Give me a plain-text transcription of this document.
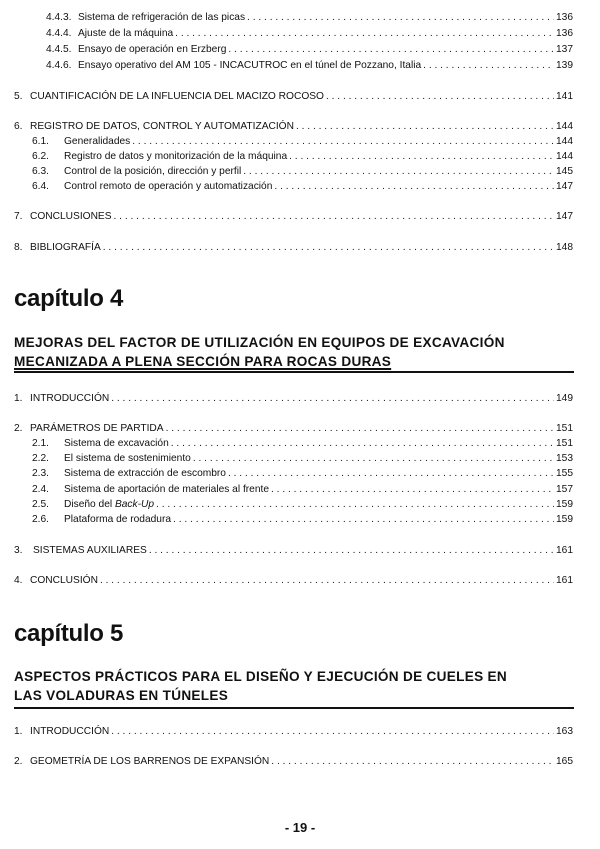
4.4.3. Sistema de refrigeración de las picas . . .	136
4.4.4. Ajuste de la máquina . . .	136
4.4.5. Ensayo de operación en Erzberg . . .	137
4.4.6. Ensayo operativo del AM 105 - INCACUTROC en el túnel de Pozzano, Italia . . .	139
5. CUANTIFICACIÓN DE LA INFLUENCIA DEL MACIZO ROCOSO . . .	141
6. REGISTRO DE DATOS, CONTROL Y AUTOMATIZACIÓN . . .	144
6.1.	Generalidades . . .	144
6.2.	Registro de datos y monitorización de la máquina . . .	144
6.3.	Control de la posición, dirección y perfil . . .	145
6.4.	Control remoto de operación y automatización . . .	147
7. CONCLUSIONES . . .	147
8. BIBLIOGRAFÍA . . .	148
capítulo 4
MEJORAS DEL FACTOR DE UTILIZACIÓN EN EQUIPOS DE EXCAVACIÓN
MECANIZADA A PLENA SECCIÓN PARA ROCAS DURAS
1. INTRODUCCIÓN . . .	149
2. PARÁMETROS DE PARTIDA . . .	151
2.1.	Sistema de excavación . . .	151
2.2.	El sistema de sostenimiento . . .	153
2.3.	Sistema de extracción de escombro . . .	155
2.4.	Sistema de aportación de materiales al frente . . .	157
2.5.	Diseño del Back-Up . . .	159
2.6.	Plataforma de rodadura . . .	159
3.	SISTEMAS AUXILIARES . . .	161
4. CONCLUSIÓN . . .	161
capítulo 5
ASPECTOS PRÁCTICOS PARA EL DISEÑO Y EJECUCIÓN DE CUELES EN
LAS VOLADURAS EN TÚNELES
1. INTRODUCCIÓN . . .	163
2. GEOMETRÍA DE LOS BARRENOS DE EXPANSIÓN . . .	165
- 19 -
